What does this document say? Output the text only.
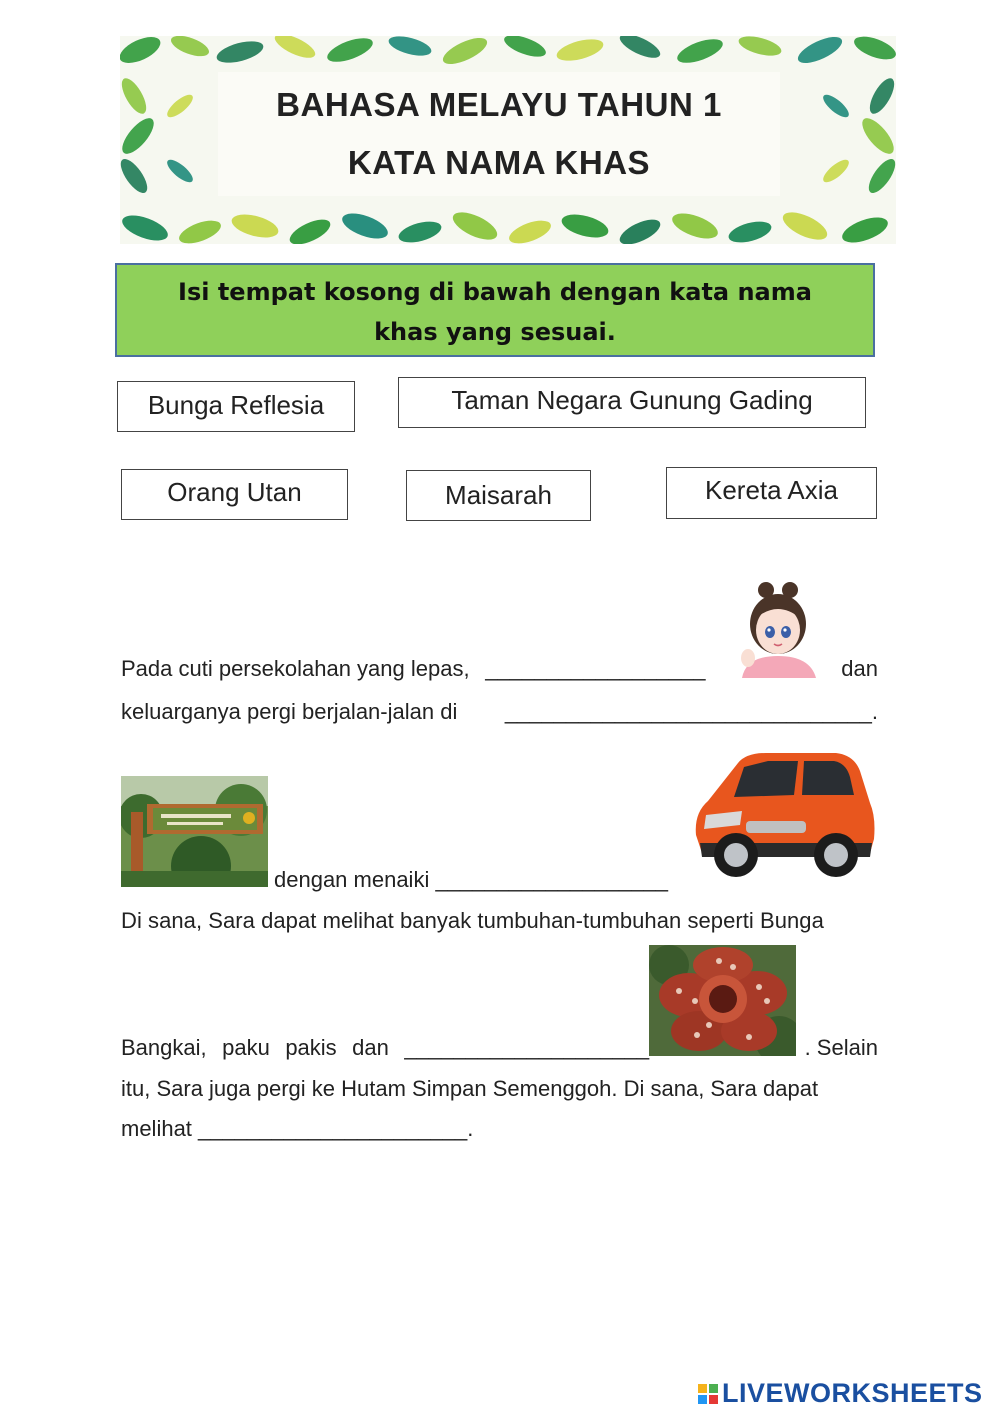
BAHASA MELAYU TAHUN 1
KATA NAMA KHAS
Isi tempat kosong di bawah dengan kata nama
khas yang sesuai.
Bunga Reflesia	Taman Negara Gunung Gading
Orang Utan	Maisarah	Kereta Axia
Pada cuti persekolahan yang lepas, __________________	dan
keluarganya pergi berjalan-jalan di ______________________________.
dengan menaiki ___________________
Di sana, Sara dapat melihat banyak tumbuhan-tumbuhan seperti Bunga
Bangkai, paku pakis dan ____________________	. Selain
itu, Sara juga pergi ke Hutam Simpan Semenggoh. Di sana, Sara dapat
melihat ______________________.
LIVEWORKSHEETS
